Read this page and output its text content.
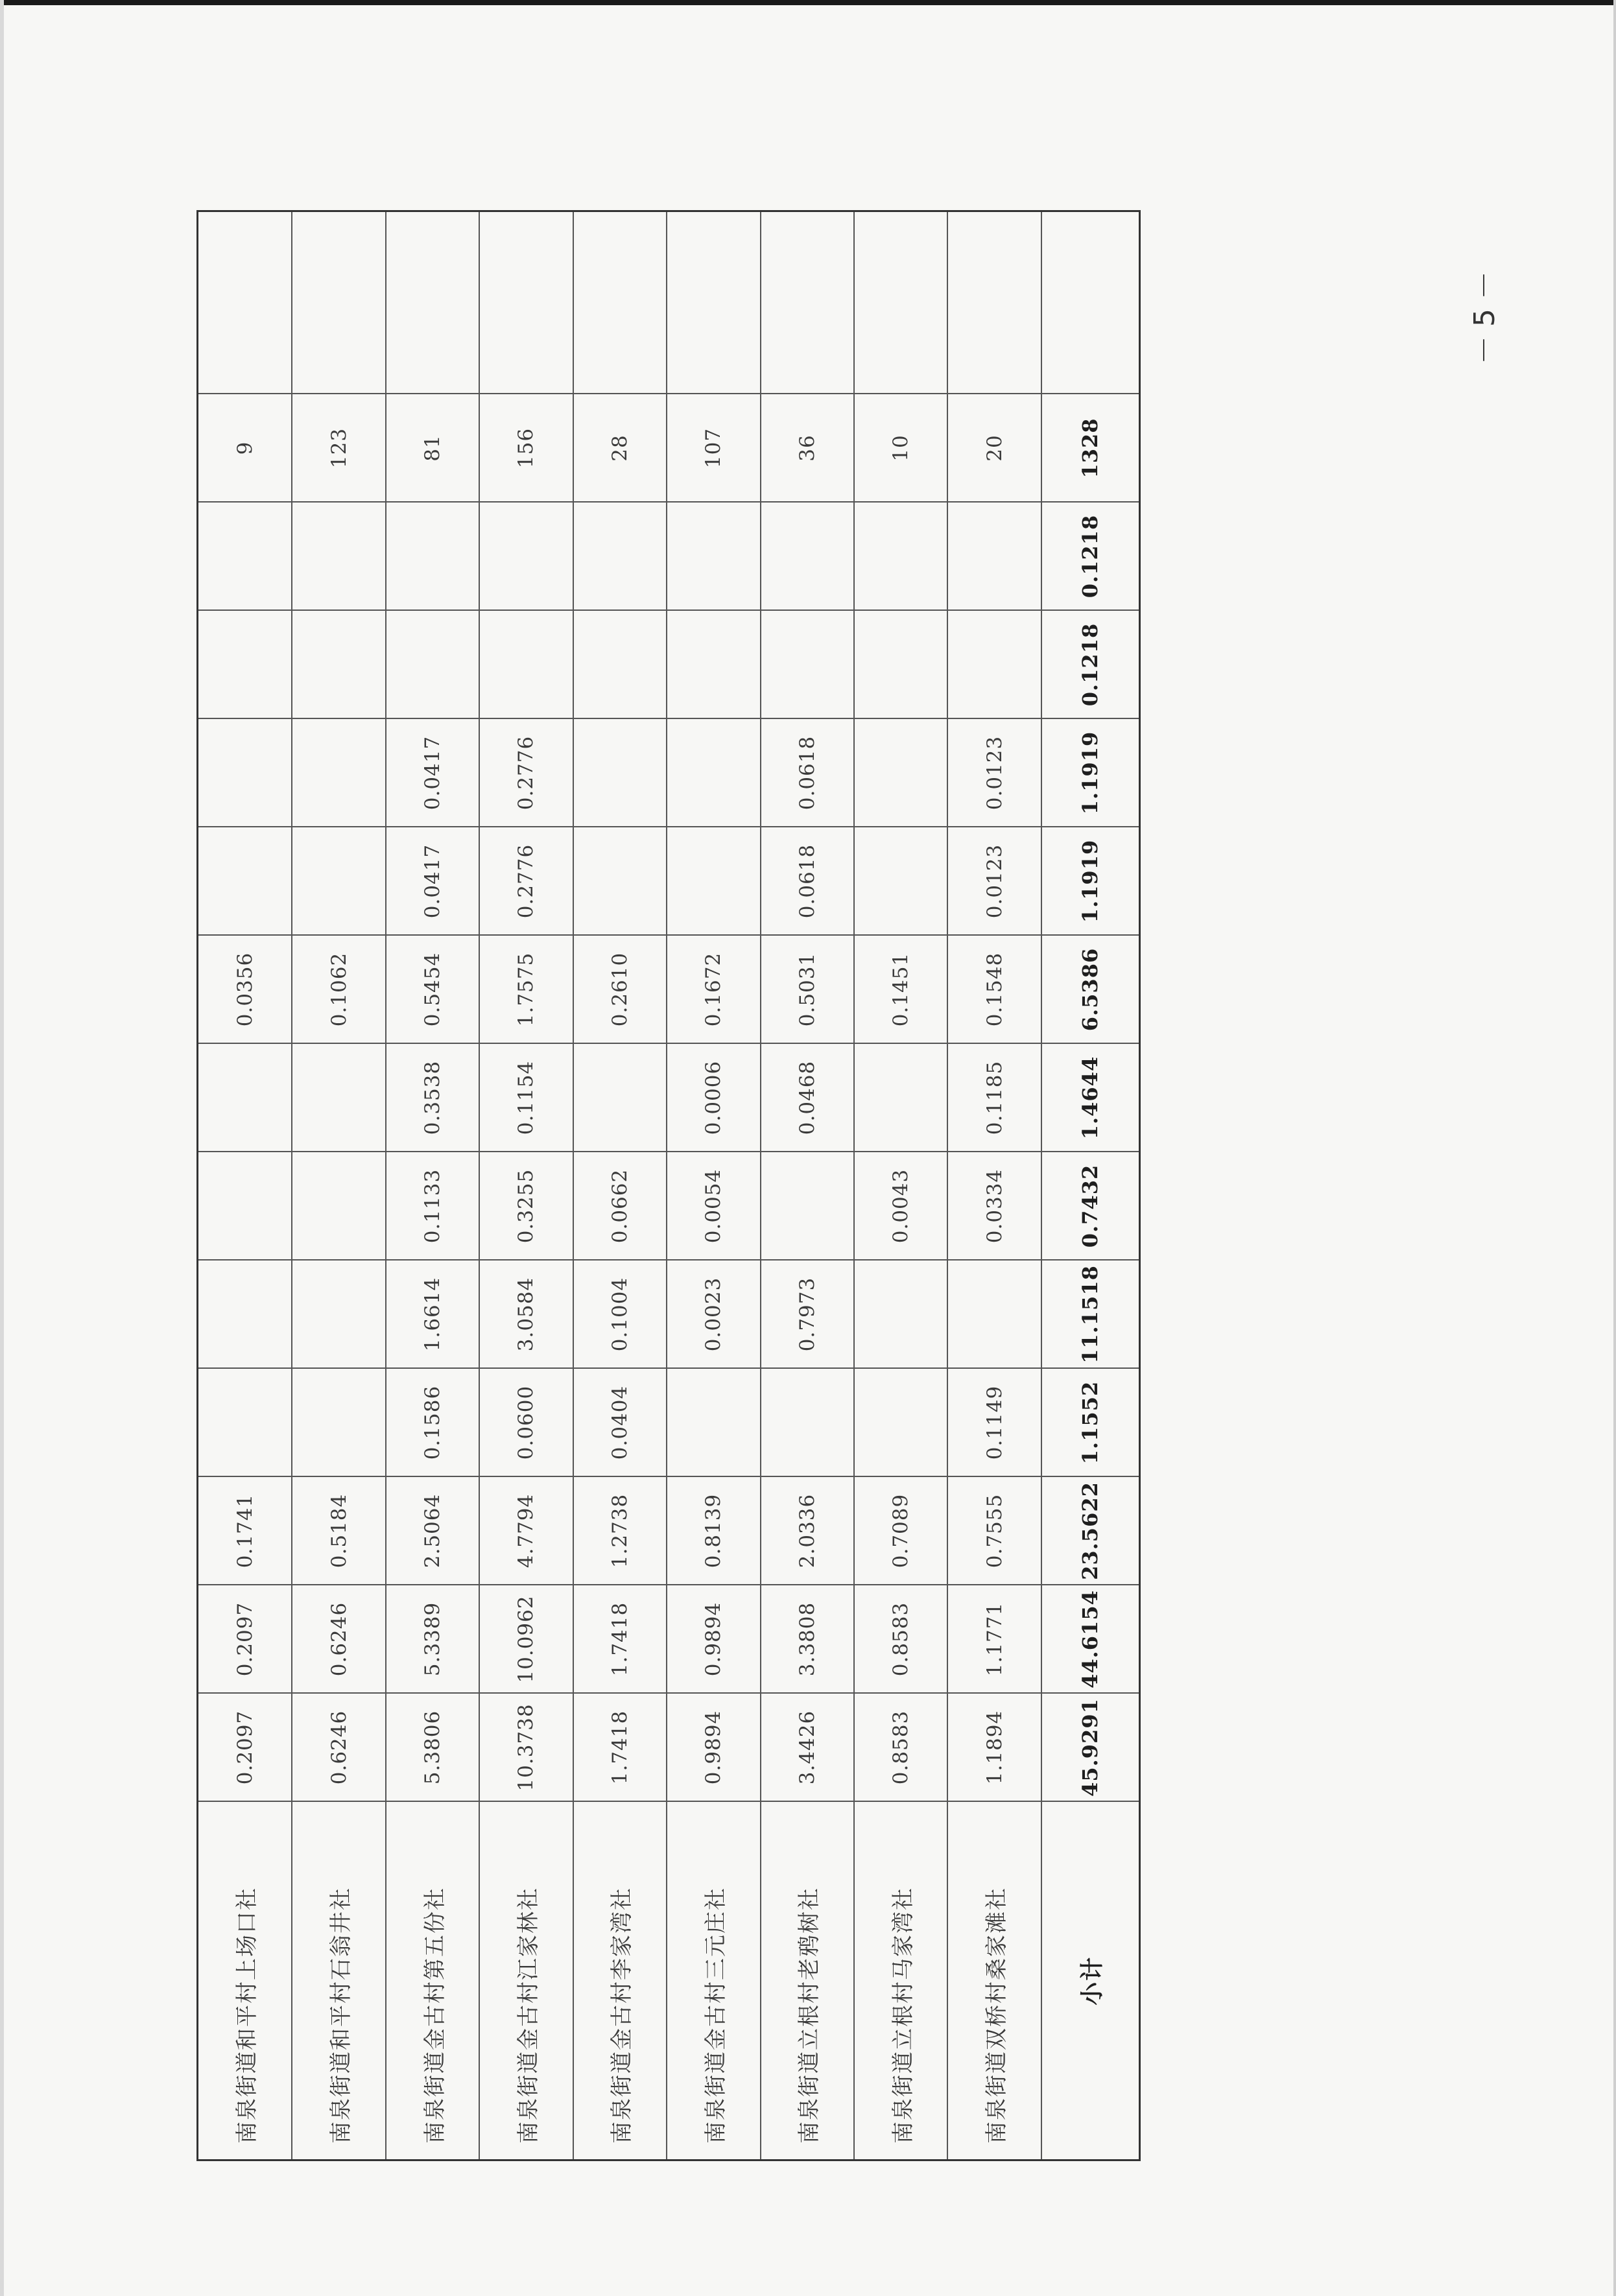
南泉街道和平村上场口社	0.2097	0.2097	0.1741					0.0356					9	
南泉街道和平村石翁井社	0.6246	0.6246	0.5184					0.1062					123	
南泉街道金古村第五份社	5.3806	5.3389	2.5064	0.1586	1.6614	0.1133	0.3538	0.5454	0.0417	0.0417			81	
南泉街道金古村江家林社	10.3738	10.0962	4.7794	0.0600	3.0584	0.3255	0.1154	1.7575	0.2776	0.2776			156	
南泉街道金古村李家湾社	1.7418	1.7418	1.2738	0.0404	0.1004	0.0662		0.2610					28	
南泉街道金古村三元庄社	0.9894	0.9894	0.8139		0.0023	0.0054	0.0006	0.1672					107	
南泉街道立根村老鸦树社	3.4426	3.3808	2.0336		0.7973		0.0468	0.5031	0.0618	0.0618			36	
南泉街道立根村马家湾社	0.8583	0.8583	0.7089			0.0043		0.1451					10	
南泉街道双桥村桑家滩社	1.1894	1.1771	0.7555	0.1149		0.0334	0.1185	0.1548	0.0123	0.0123			20	
小计	45.9291	44.6154	23.5622	1.1552	11.1518	0.7432	1.4644	6.5386	1.1919	1.1919	0.1218	0.1218	1328	
－ 5 －
